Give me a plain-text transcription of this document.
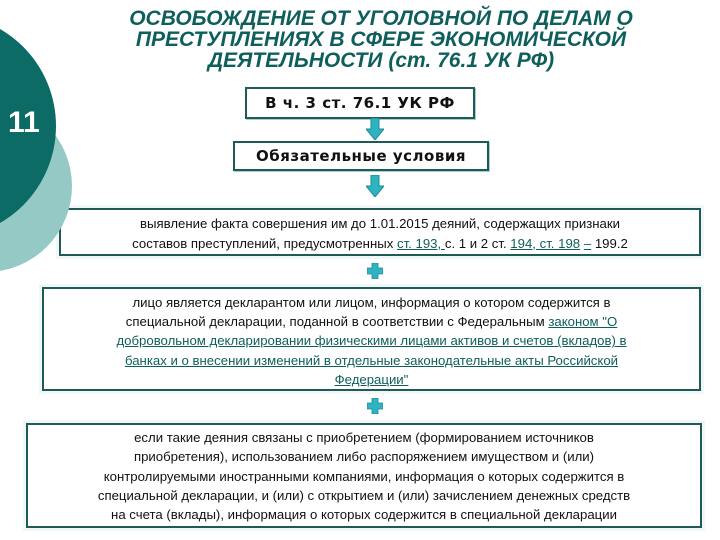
11
ОСВОБОЖДЕНИЕ ОТ УГОЛОВНОЙ ПО ДЕЛАМ О
ПРЕСТУПЛЕНИЯХ В СФЕРЕ ЭКОНОМИЧЕСКОЙ
ДЕЯТЕЛЬНОСТИ (ст. 76.1 УК РФ)
В ч. 3 ст. 76.1 УК РФ
Обязательные условия
выявление факта совершения им до 1.01.2015 деяний, содержащих признаки
составов преступлений, предусмотренных ст. 193, с. 1 и 2 ст. 194, ст. 198 – 199.2
лицо является декларантом или лицом, информация о котором содержится в
специальной декларации, поданной в соответствии с Федеральным законом "О
добровольном декларировании физическими лицами активов и счетов (вкладов) в
банках и о внесении изменений в отдельные законодательные акты Российской
Федерации"
если такие деяния связаны с приобретением (формированием источников
приобретения), использованием либо распоряжением имуществом и (или)
контролируемыми иностранными компаниями, информация о которых содержится в
специальной декларации, и (или) с открытием и (или) зачислением денежных средств
на счета (вклады), информация о которых содержится в специальной декларации
